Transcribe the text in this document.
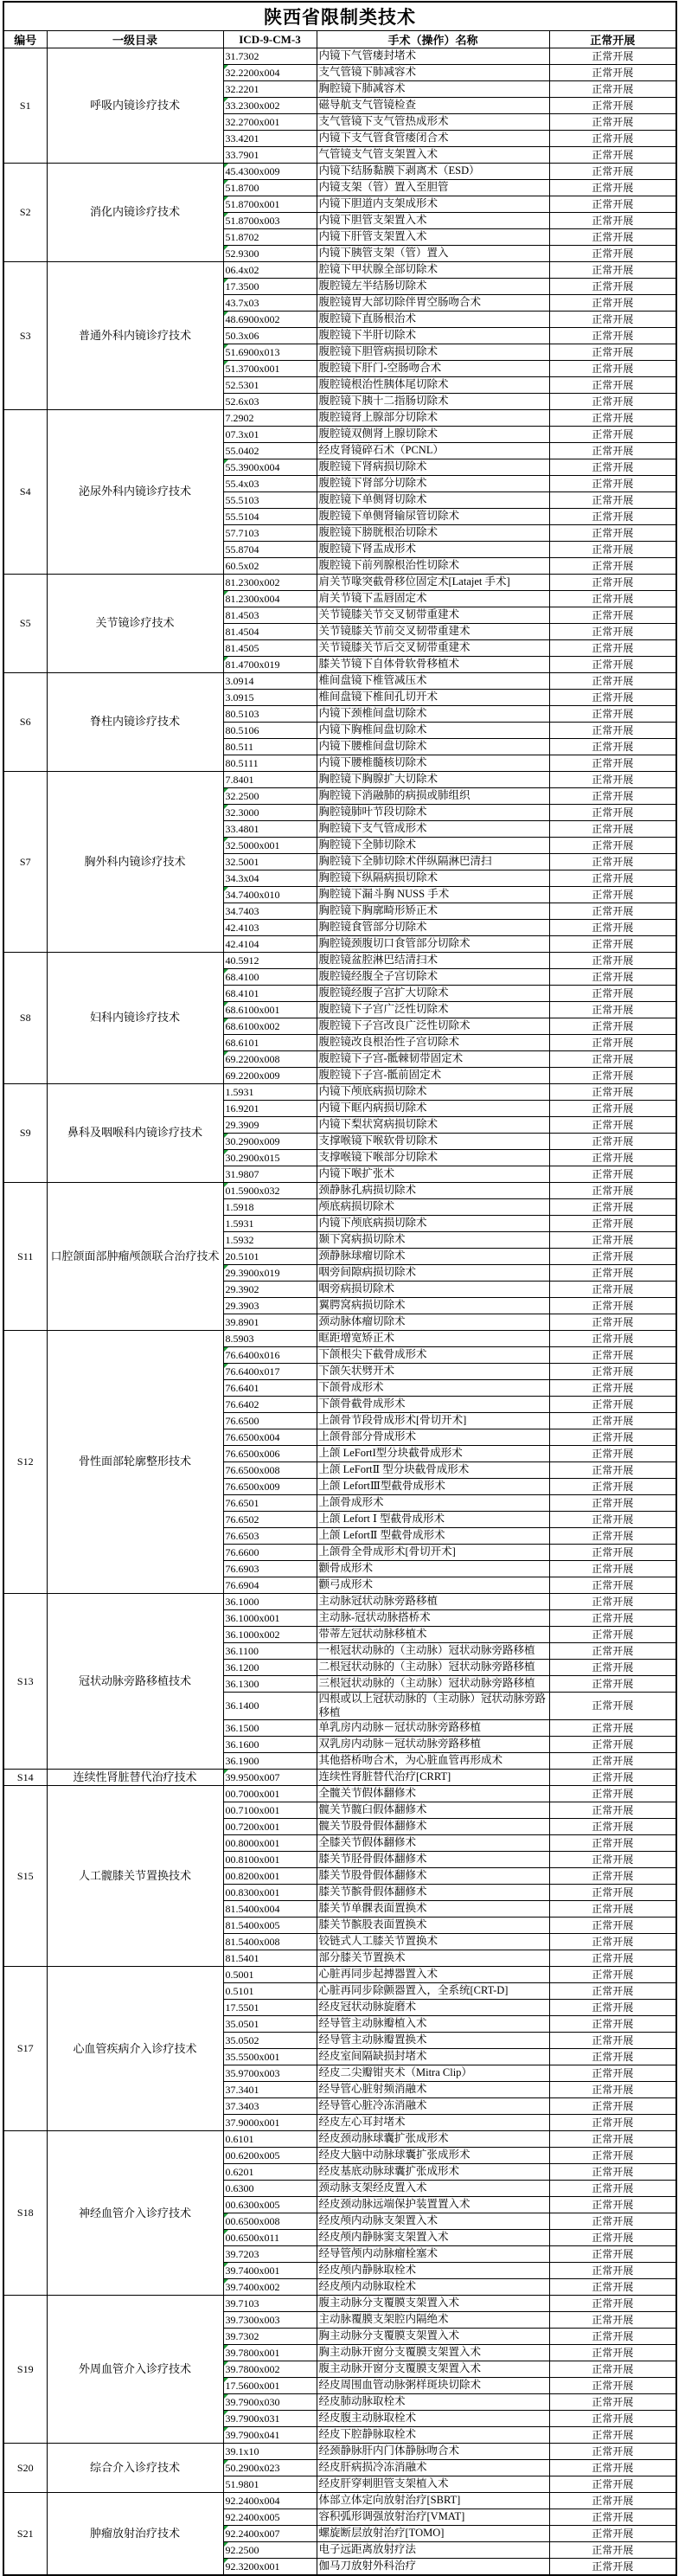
陕西省限制类技术				
编号	一级目录	ICD-9-CM-3	手术（操作）名称	正常开展
S1	呼吸内镜诊疗技术	31.7302	内镜下气管瘘封堵术	正常开展
		32.2200x004	支气管镜下肺减容术	正常开展
		32.2201	胸腔镜下肺减容术	正常开展
		33.2300x002	磁导航支气管镜检查	正常开展
		32.2700x001	支气管镜下支气管热成形术	正常开展
		33.4201	内镜下支气管食管瘘闭合术	正常开展
		33.7901	气管镜支气管支架置入术	正常开展
S2	消化内镜诊疗技术	45.4300x009	内镜下结肠黏膜下剥离术（ESD）	正常开展
		51.8700	内镜支架（管）置入至胆管	正常开展
		51.8700x001	内镜下胆道内支架成形术	正常开展
		51.8700x003	内镜下胆管支架置入术	正常开展
		51.8702	内镜下肝管支架置入术	正常开展
		52.9300	内镜下胰管支架（管）置入	正常开展
S3	普通外科内镜诊疗技术	06.4x02	腔镜下甲状腺全部切除术	正常开展
		17.3500	腹腔镜左半结肠切除术	正常开展
		43.7x03	腹腔镜胃大部切除伴胃空肠吻合术	正常开展
		48.6900x002	腹腔镜下直肠根治术	正常开展
		50.3x06	腹腔镜下半肝切除术	正常开展
		51.6900x013	腹腔镜下胆管病损切除术	正常开展
		51.3700x001	腹腔镜下肝门-空肠吻合术	正常开展
		52.5301	腹腔镜根治性胰体尾切除术	正常开展
		52.6x03	腹腔镜下胰十二指肠切除术	正常开展
S4	泌尿外科内镜诊疗技术	7.2902	腹腔镜肾上腺部分切除术	正常开展
		07.3x01	腹腔镜双侧肾上腺切除术	正常开展
		55.0402	经皮肾镜碎石术（PCNL）	正常开展
		55.3900x004	腹腔镜下肾病损切除术	正常开展
		55.4x03	腹腔镜下肾部分切除术	正常开展
		55.5103	腹腔镜下单侧肾切除术	正常开展
		55.5104	腹腔镜下单侧肾输尿管切除术	正常开展
		57.7103	腹腔镜下膀胱根治切除术	正常开展
		55.8704	腹腔镜下肾盂成形术	正常开展
		60.5x02	腹腔镜下前列腺根治性切除术	正常开展
S5	关节镜诊疗技术	81.2300x002	肩关节喙突截骨移位固定术[Latajet 手术]	正常开展
		81.2300x004	肩关节镜下盂唇固定术	正常开展
		81.4503	关节镜膝关节交叉韧带重建术	正常开展
		81.4504	关节镜膝关节前交叉韧带重建术	正常开展
		81.4505	关节镜膝关节后交叉韧带重建术	正常开展
		81.4700x019	膝关节镜下自体骨软骨移植术	正常开展
S6	脊柱内镜诊疗技术	3.0914	椎间盘镜下椎管减压术	正常开展
		3.0915	椎间盘镜下椎间孔切开术	正常开展
		80.5103	内镜下颈椎间盘切除术	正常开展
		80.5106	内镜下胸椎间盘切除术	正常开展
		80.511	内镜下腰椎间盘切除术	正常开展
		80.5111	内镜下腰椎髓核切除术	正常开展
S7	胸外科内镜诊疗技术	7.8401	胸腔镜下胸腺扩大切除术	正常开展
		32.2500	胸腔镜下消融肺的病损或肺组织	正常开展
		32.3000	胸腔镜肺叶节段切除术	正常开展
		33.4801	胸腔镜下支气管成形术	正常开展
		32.5000x001	胸腔镜下全肺切除术	正常开展
		32.5001	胸腔镜下全肺切除术伴纵隔淋巴清扫	正常开展
		34.3x04	胸腔镜下纵隔病损切除术	正常开展
		34.7400x010	胸腔镜下漏斗胸 NUSS 手术	正常开展
		34.7403	胸腔镜下胸廓畸形矫正术	正常开展
		42.4103	胸腔镜食管部分切除术	正常开展
		42.4104	胸腔镜颈腹切口食管部分切除术	正常开展
S8	妇科内镜诊疗技术	40.5912	腹腔镜盆腔淋巴结清扫术	正常开展
		68.4100	腹腔镜经腹全子宫切除术	正常开展
		68.4101	腹腔镜经腹子宫扩大切除术	正常开展
		68.6100x001	腹腔镜下子宫广泛性切除术	正常开展
		68.6100x002	腹腔镜下子宫改良广泛性切除术	正常开展
		68.6101	腹腔镜改良根治性子宫切除术	正常开展
		69.2200x008	腹腔镜下子宫-骶棘韧带固定术	正常开展
		69.2200x009	腹腔镜下子宫-骶前固定术	正常开展
S9	鼻科及咽喉科内镜诊疗技术	1.5931	内镜下颅底病损切除术	正常开展
		16.9201	内镜下眶内病损切除术	正常开展
		29.3909	内镜下梨状窝病损切除术	正常开展
		30.2900x009	支撑喉镜下喉软骨切除术	正常开展
		30.2900x015	支撑喉镜下喉部分切除术	正常开展
		31.9807	内镜下喉扩张术	正常开展
S11	口腔颌面部肿瘤颅颌联合治疗技术	01.5900x032	颈静脉孔病损切除术	正常开展
		1.5918	颅底病损切除术	正常开展
		1.5931	内镜下颅底病损切除术	正常开展
		1.5932	颞下窝病损切除术	正常开展
		20.5101	颈静脉球瘤切除术	正常开展
		29.3900x019	咽旁间隙病损切除术	正常开展
		29.3902	咽旁病损切除术	正常开展
		29.3903	翼腭窝病损切除术	正常开展
		39.8901	颈动脉体瘤切除术	正常开展
S12	骨性面部轮廓整形技术	8.5903	眶距增宽矫正术	正常开展
		76.6400x016	下颌根尖下截骨成形术	正常开展
		76.6400x017	下颌矢状劈开术	正常开展
		76.6401	下颌骨成形术	正常开展
		76.6402	下颌骨截骨成形术	正常开展
		76.6500	上颌骨节段骨成形术[骨切开术]	正常开展
		76.6500x004	上颌骨部分骨成形术	正常开展
		76.6500x006	上颌 LeFortI型分块截骨成形术	正常开展
		76.6500x008	上颌 LeFortⅡ 型分块截骨成形术	正常开展
		76.6500x009	上颌 LefortⅢ型截骨成形术	正常开展
		76.6501	上颌骨成形术	正常开展
		76.6502	上颌 Lefort Ⅰ 型截骨成形术	正常开展
		76.6503	上颌 LefortⅡ 型截骨成形术	正常开展
		76.6600	上颌骨全骨成形术[骨切开术]	正常开展
		76.6903	颧骨成形术	正常开展
		76.6904	颧弓成形术	正常开展
S13	冠状动脉旁路移植技术	36.1000	主动脉冠状动脉旁路移植	正常开展
		36.1000x001	主动脉-冠状动脉搭桥术	正常开展
		36.1000x002	带蒂左冠状动脉移植术	正常开展
		36.1100	一根冠状动脉的（主动脉）冠状动脉旁路移植	正常开展
		36.1200	二根冠状动脉的（主动脉）冠状动脉旁路移植	正常开展
		36.1300	三根冠状动脉的（主动脉）冠状动脉旁路移植	正常开展
		36.1400	四根或以上冠状动脉的（主动脉）冠状动脉旁路移植	正常开展
		36.1500	单乳房内动脉－冠状动脉旁路移植	正常开展
		36.1600	双乳房内动脉－冠状动脉旁路移植	正常开展
		36.1900	其他搭桥吻合术，为心脏血管再形成术	正常开展
S14	连续性肾脏替代治疗技术	39.9500x007	连续性肾脏替代治疗[CRRT]	正常开展
S15	人工髋膝关节置换技术	00.7000x001	全髋关节假体翻修术	正常开展
		00.7100x001	髋关节髋臼假体翻修术	正常开展
		00.7200x001	髋关节股骨假体翻修术	正常开展
		00.8000x001	全膝关节假体翻修术	正常开展
		00.8100x001	膝关节胫骨假体翻修术	正常开展
		00.8200x001	膝关节股骨假体翻修术	正常开展
		00.8300x001	膝关节髌骨假体翻修术	正常开展
		81.5400x004	膝关节单髁表面置换术	正常开展
		81.5400x005	膝关节髌股表面置换术	正常开展
		81.5400x008	铰链式人工膝关节置换术	正常开展
		81.5401	部分膝关节置换术	正常开展
S17	心血管疾病介入诊疗技术	0.5001	心脏再同步起搏器置入术	正常开展
		0.5101	心脏再同步除颤器置入，全系统[CRT-D]	正常开展
		17.5501	经皮冠状动脉旋磨术	正常开展
		35.0501	经导管主动脉瓣植入术	正常开展
		35.0502	经导管主动脉瓣置换术	正常开展
		35.5500x001	经皮室间隔缺损封堵术	正常开展
		35.9700x003	经皮二尖瓣钳夹术（Mitra Clip）	正常开展
		37.3401	经导管心脏射频消融术	正常开展
		37.3403	经导管心脏冷冻消融术	正常开展
		37.9000x001	经皮左心耳封堵术	正常开展
S18	神经血管介入诊疗技术	0.6101	经皮颈动脉球囊扩张成形术	正常开展
		00.6200x005	经皮大脑中动脉球囊扩张成形术	正常开展
		0.6201	经皮基底动脉球囊扩张成形术	正常开展
		0.6300	颈动脉支架经皮置入术	正常开展
		00.6300x005	经皮颈动脉远端保护装置置入术	正常开展
		00.6500x008	经皮颅内动脉支架置入术	正常开展
		00.6500x011	经皮颅内静脉窦支架置入术	正常开展
		39.7203	经导管颅内动脉瘤栓塞术	正常开展
		39.7400x001	经皮颅内静脉取栓术	正常开展
		39.7400x002	经皮颅内动脉取栓术	正常开展
S19	外周血管介入诊疗技术	39.7103	腹主动脉分支覆膜支架置入术	正常开展
		39.7300x003	主动脉覆膜支架腔内隔绝术	正常开展
		39.7302	胸主动脉分支覆膜支架置入术	正常开展
		39.7800x001	胸主动脉开窗分支覆膜支架置入术	正常开展
		39.7800x002	腹主动脉开窗分支覆膜支架置入术	正常开展
		17.5600x001	经皮周围血管动脉粥样斑块切除术	正常开展
		39.7900x030	经皮肺动脉取栓术	正常开展
		39.7900x031	经皮腹主动脉取栓术	正常开展
		39.7900x041	经皮下腔静脉取栓术	正常开展
S20	综合介入诊疗技术	39.1x10	经颈静脉肝内门体静脉吻合术	正常开展
		50.2900x023	经皮肝病损冷冻消融术	正常开展
		51.9801	经皮肝穿刺胆管支架植入术	正常开展
S21	肿瘤放射治疗技术	92.2400x004	体部立体定向放射治疗[SBRT]	正常开展
		92.2400x005	容积弧形调强放射治疗[VMAT]	正常开展
		92.2400x007	螺旋断层放射治疗[TOMO]	正常开展
		92.2500	电子远距离放射疗法	正常开展
		92.3200x001	伽马刀放射外科治疗	正常开展
